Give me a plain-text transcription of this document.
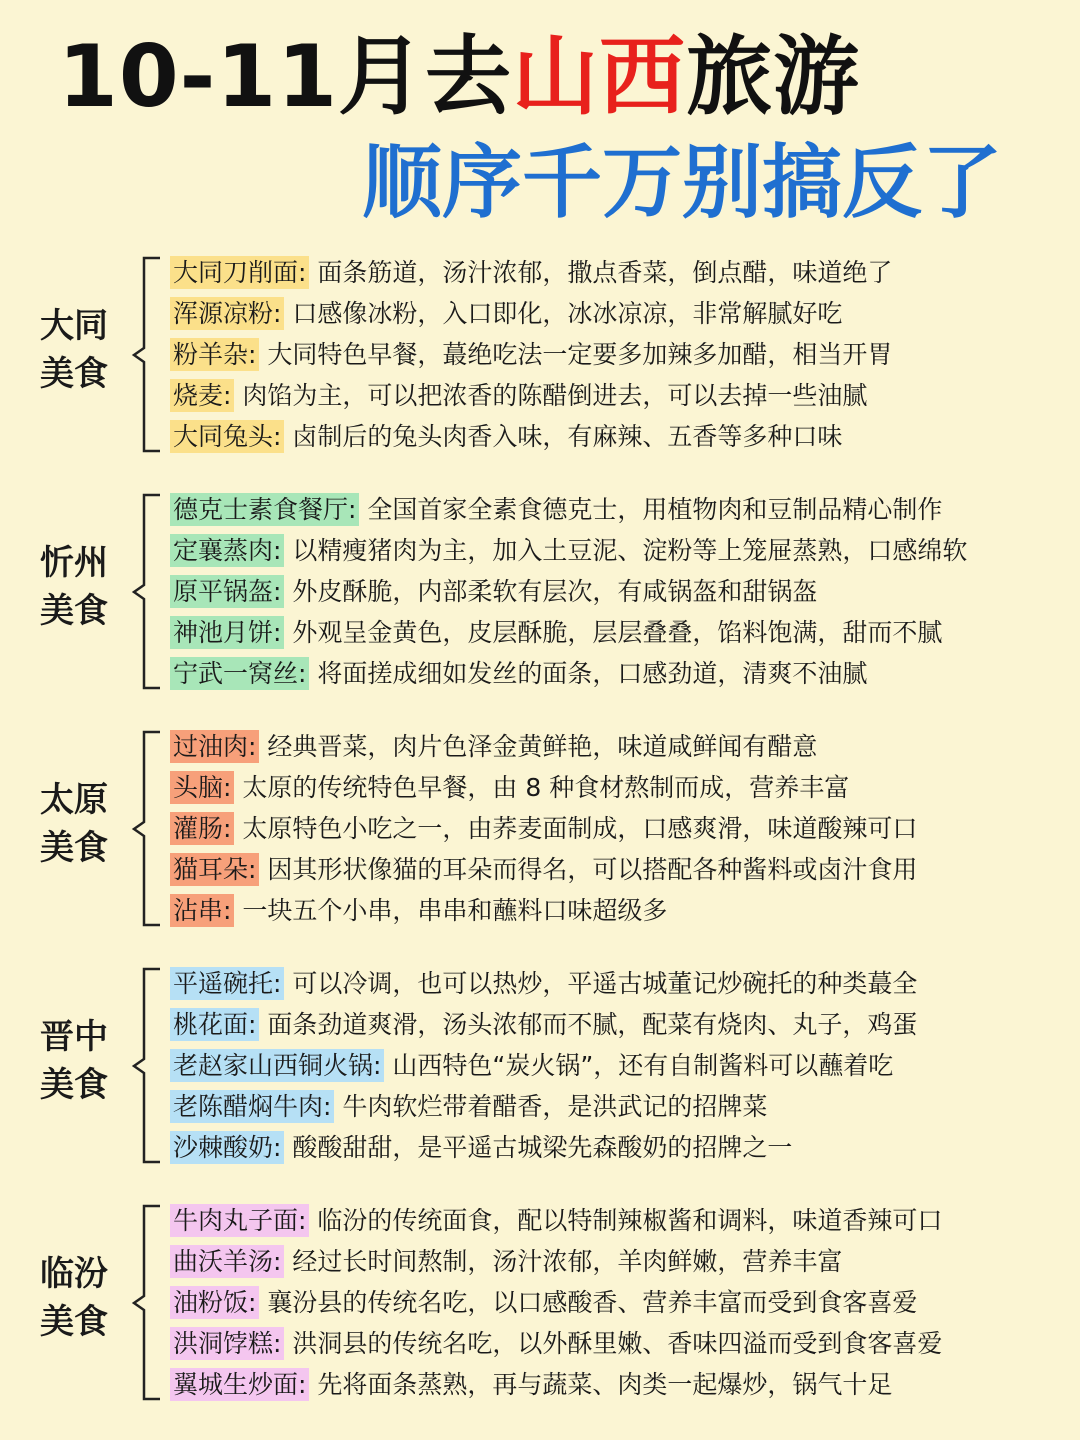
10-11月去山西旅游
顺序千万别搞反了
大同
美食
大同刀削面: 面条筋道，汤汁浓郁，撒点香菜，倒点醋，味道绝了
浑源凉粉: 口感像冰粉，入口即化，冰冰凉凉，非常解腻好吃
粉羊杂: 大同特色早餐，蕞绝吃法一定要多加辣多加醋，相当开胃
烧麦: 肉馅为主，可以把浓香的陈醋倒进去，可以去掉一些油腻
大同兔头: 卤制后的兔头肉香入味，有麻辣、五香等多种口味
忻州
美食
德克士素食餐厅: 全国首家全素食德克士，用植物肉和豆制品精心制作
定襄蒸肉: 以精瘦猪肉为主，加入土豆泥、淀粉等上笼屉蒸熟，口感绵软
原平锅盔: 外皮酥脆，内部柔软有层次，有咸锅盔和甜锅盔
神池月饼: 外观呈金黄色，皮层酥脆，层层叠叠，馅料饱满，甜而不腻
宁武一窝丝: 将面搓成细如发丝的面条，口感劲道，清爽不油腻
太原
美食
过油肉: 经典晋菜，肉片色泽金黄鲜艳，味道咸鲜闻有醋意
头脑: 太原的传统特色早餐，由 8 种食材熬制而成，营养丰富
灌肠: 太原特色小吃之一，由荞麦面制成，口感爽滑，味道酸辣可口
猫耳朵: 因其形状像猫的耳朵而得名，可以搭配各种酱料或卤汁食用
沾串: 一块五个小串，串串和蘸料口味超级多
晋中
美食
平遥碗托: 可以冷调，也可以热炒，平遥古城董记炒碗托的种类蕞全
桃花面: 面条劲道爽滑，汤头浓郁而不腻，配菜有烧肉、丸子，鸡蛋
老赵家山西铜火锅: 山西特色“炭火锅”，还有自制酱料可以蘸着吃
老陈醋焖牛肉: 牛肉软烂带着醋香，是洪武记的招牌菜
沙棘酸奶: 酸酸甜甜，是平遥古城梁先森酸奶的招牌之一
临汾
美食
牛肉丸子面: 临汾的传统面食，配以特制辣椒酱和调料，味道香辣可口
曲沃羊汤: 经过长时间熬制，汤汁浓郁，羊肉鲜嫩，营养丰富
油粉饭: 襄汾县的传统名吃，以口感酸香、营养丰富而受到食客喜爱
洪洞饽糕: 洪洞县的传统名吃，以外酥里嫩、香味四溢而受到食客喜爱
翼城生炒面: 先将面条蒸熟，再与蔬菜、肉类一起爆炒，锅气十足
